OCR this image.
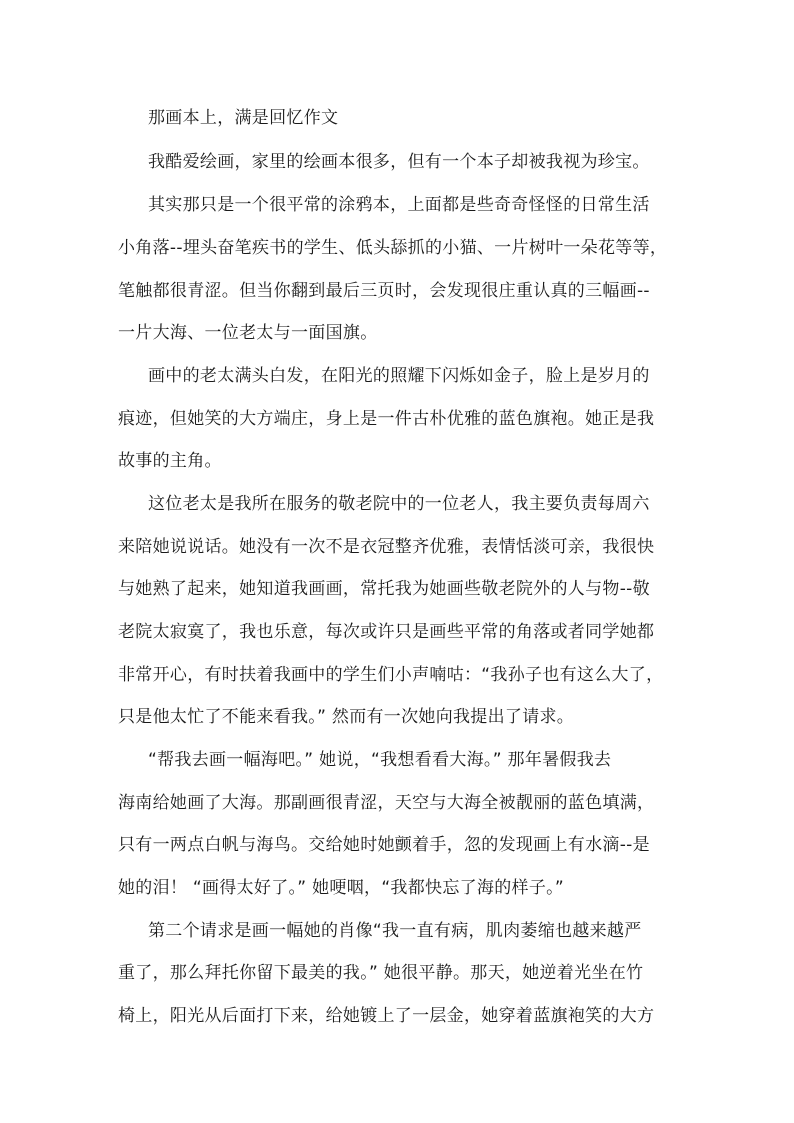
那画本上，满是回忆作文
我酷爱绘画，家里的绘画本很多，但有一个本子却被我视为珍宝。
其实那只是一个很平常的涂鸦本，上面都是些奇奇怪怪的日常生活
小角落--埋头奋笔疾书的学生、低头舔抓的小猫、一片树叶一朵花等等，
笔触都很青涩。但当你翻到最后三页时，会发现很庄重认真的三幅画--
一片大海、一位老太与一面国旗。
画中的老太满头白发，在阳光的照耀下闪烁如金子，脸上是岁月的
痕迹，但她笑的大方端庄，身上是一件古朴优雅的蓝色旗袍。她正是我
故事的主角。
这位老太是我所在服务的敬老院中的一位老人，我主要负责每周六
来陪她说说话。她没有一次不是衣冠整齐优雅，表情恬淡可亲，我很快
与她熟了起来，她知道我画画，常托我为她画些敬老院外的人与物--敬
老院太寂寞了，我也乐意，每次或许只是画些平常的角落或者同学她都
非常开心，有时扶着我画中的学生们小声喃咕：“我孙子也有这么大了，
只是他太忙了不能来看我。” 然而有一次她向我提出了请求。
“帮我去画一幅海吧。” 她说，“我想看看大海。” 那年暑假我去
海南给她画了大海。那副画很青涩，天空与大海全被靓丽的蓝色填满，
只有一两点白帆与海鸟。交给她时她颤着手，忽的发现画上有水滴--是
她的泪！ “画得太好了。” 她哽咽，“我都快忘了海的样子。”
第二个请求是画一幅她的肖像“我一直有病，肌肉萎缩也越来越严
重了，那么拜托你留下最美的我。” 她很平静。那天，她逆着光坐在竹
椅上，阳光从后面打下来，给她镀上了一层金，她穿着蓝旗袍笑的大方
